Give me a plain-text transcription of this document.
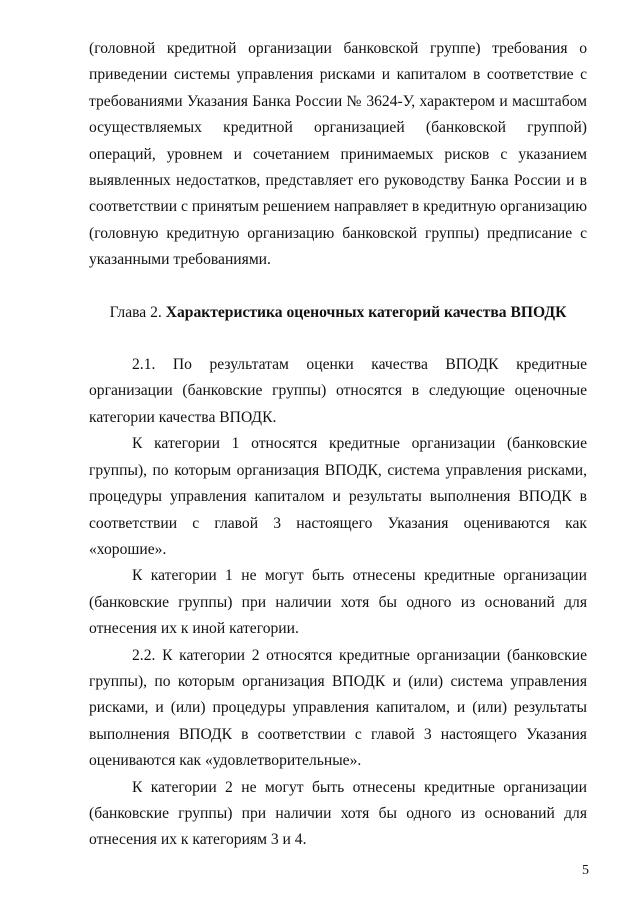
(головной кредитной организации банковской группе) требования о приведении системы управления рисками и капиталом в соответствие с требованиями Указания Банка России № 3624-У, характером и масштабом осуществляемых кредитной организацией (банковской группой) операций, уровнем и сочетанием принимаемых рисков с указанием выявленных недостатков, представляет его руководству Банка России и в соответствии с принятым решением направляет в кредитную организацию (головную кредитную организацию банковской группы) предписание с указанными требованиями.

Глава 2. Характеристика оценочных категорий качества ВПОДК

2.1. По результатам оценки качества ВПОДК кредитные организации (банковские группы) относятся в следующие оценочные категории качества ВПОДК.

К категории 1 относятся кредитные организации (банковские группы), по которым организация ВПОДК, система управления рисками, процедуры управления капиталом и результаты выполнения ВПОДК в соответствии с главой 3 настоящего Указания оцениваются как «хорошие».

К категории 1 не могут быть отнесены кредитные организации (банковские группы) при наличии хотя бы одного из оснований для отнесения их к иной категории.

2.2. К категории 2 относятся кредитные организации (банковские группы), по которым организация ВПОДК и (или) система управления рисками, и (или) процедуры управления капиталом, и (или) результаты выполнения ВПОДК в соответствии с главой 3 настоящего Указания оцениваются как «удовлетворительные».

К категории 2 не могут быть отнесены кредитные организации (банковские группы) при наличии хотя бы одного из оснований для отнесения их к категориям 3 и 4.

5
